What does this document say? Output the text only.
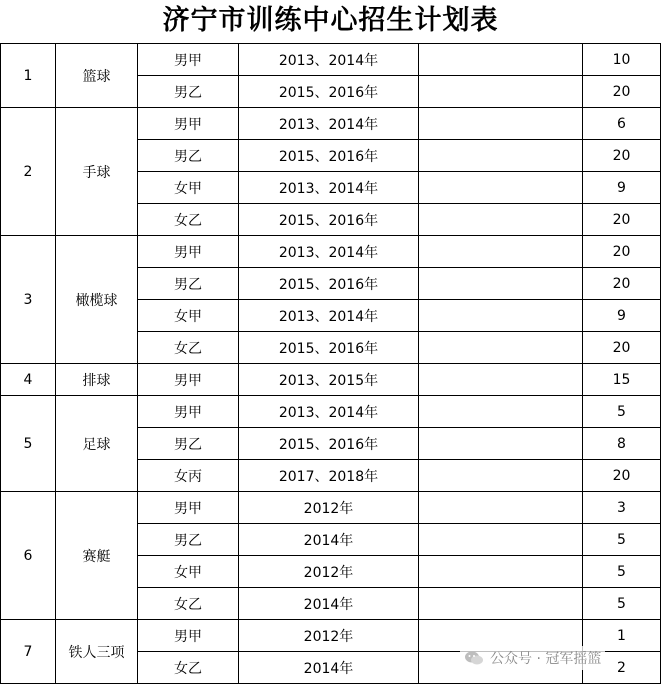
济宁市训练中心招生计划表
1	篮球	男甲	2013、2014年		10
		男乙	2015、2016年		20
2	手球	男甲	2013、2014年		6
		男乙	2015、2016年		20
		女甲	2013、2014年		9
		女乙	2015、2016年		20
3	橄榄球	男甲	2013、2014年		20
		男乙	2015、2016年		20
		女甲	2013、2014年		9
		女乙	2015、2016年		20
4	排球	男甲	2013、2015年		15
5	足球	男甲	2013、2014年		5
		男乙	2015、2016年		8
		女丙	2017、2018年		20
6	赛艇	男甲	2012年		3
		男乙	2014年		5
		女甲	2012年		5
		女乙	2014年		5
7	铁人三项	男甲	2012年		1
		女乙	2014年		2
公众号 · 冠军摇篮
